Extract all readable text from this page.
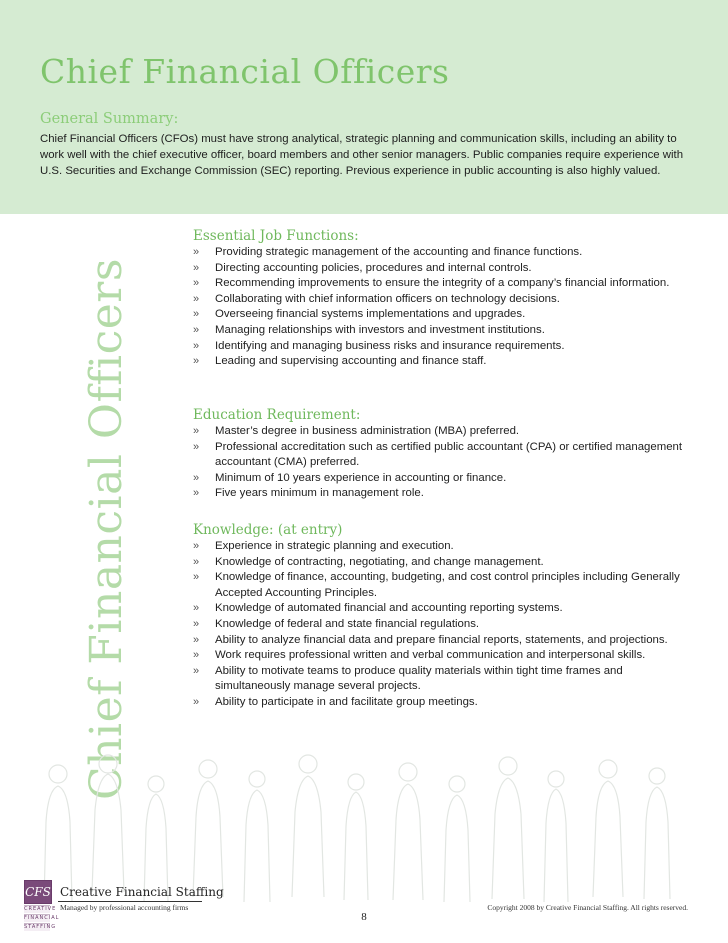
Chief Financial Officers
General Summary:
Chief Financial Officers (CFOs) must have strong analytical, strategic planning and communication skills, including an ability to work well with the chief executive officer, board members and other senior managers. Public companies require experience with U.S. Securities and Exchange Commission (SEC) reporting. Previous experience in public accounting is also highly valued.
Chief Financial Officers
Essential Job Functions:
» Providing strategic management of the accounting and finance functions.
» Directing accounting policies, procedures and internal controls.
» Recommending improvements to ensure the integrity of a company’s financial information.
» Collaborating with chief information officers on technology decisions.
» Overseeing financial systems implementations and upgrades.
» Managing relationships with investors and investment institutions.
» Identifying and managing business risks and insurance requirements.
» Leading and supervising accounting and finance staff.
Education Requirement:
» Master’s degree in business administration (MBA) preferred.
» Professional accreditation such as certified public accountant (CPA) or certified management accountant (CMA) preferred.
» Minimum of 10 years experience in accounting or finance.
» Five years minimum in management role.
Knowledge: (at entry)
» Experience in strategic planning and execution.
» Knowledge of contracting, negotiating, and change management.
» Knowledge of finance, accounting, budgeting, and cost control principles including Generally Accepted Accounting Principles.
» Knowledge of automated financial and accounting reporting systems.
» Knowledge of federal and state financial regulations.
» Ability to analyze financial data and prepare financial reports, statements, and projections.
» Work requires professional written and verbal communication and interpersonal skills.
» Ability to motivate teams to produce quality materials within tight time frames and simultaneously manage several projects.
» Ability to participate in and facilitate group meetings.
CFS
CREATIVE
FINANCIAL
STAFFING
Creative Financial Staffing
Managed by professional accounting firms	Copyright 2008 by Creative Financial Staffing. All rights reserved.
8
